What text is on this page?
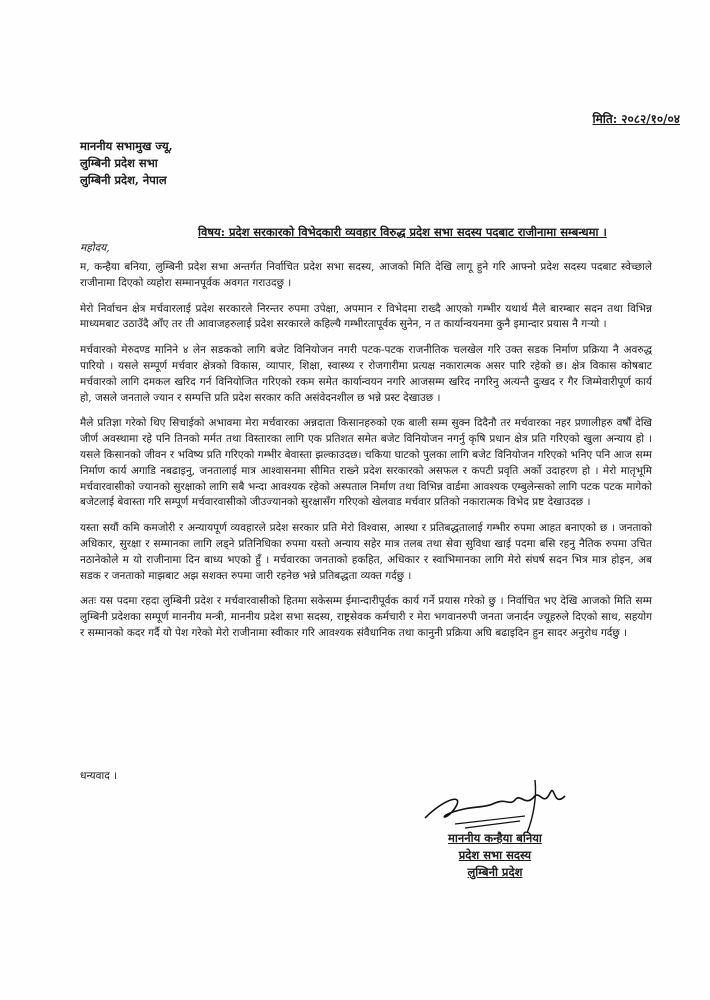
मिति: २०८२/१०/०४
माननीय सभामुख ज्यू,
लुम्बिनी प्रदेश सभा
लुम्बिनी प्रदेश, नेपाल
विषय: प्रदेश सरकारको विभेदकारी व्यवहार विरुद्ध प्रदेश सभा सदस्य पदबाट राजीनामा सम्बन्धमा ।
महोदय,

म, कन्हैया बनिया, लुम्बिनी प्रदेश सभा अन्तर्गत निर्वाचित प्रदेश सभा सदस्य, आजको मिति देखि लागू हुने गरि आफ्नो प्रदेश सदस्य पदबाट स्वेच्छाले राजीनामा दिएको व्यहोरा सम्मानपूर्वक अवगत गराउदछु ।

मेरो निर्वाचन क्षेत्र मर्चवारलाई प्रदेश सरकारले निरन्तर रुपमा उपेक्षा, अपमान र विभेदमा राख्दै आएको गम्भीर यथार्थ मैले बारम्बार सदन तथा विभिन्न माध्यमबाट उठाउँदै आँए तर ती आवाजहरुलाई प्रदेश सरकारले कहिल्यै गम्भीरतापूर्वक सुनेन, न त कार्यान्वयनमा कुनै इमान्दार प्रयास नै गर्‍यो ।

मर्चवारको मेरुदण्ड मानिने ४ लेन सडकको लागि बजेट विनियोजन नगरी पटक-पटक राजनीतिक चलखेल गरि उक्त सडक निर्माण प्रक्रिया नै अवरुद्ध पारियो । यसले सम्पूर्ण मर्चवार क्षेत्रको विकास, व्यापार, शिक्षा, स्वास्थ्य र रोजगारीमा प्रत्यक्ष नकारात्मक असर पारि रहेको छ। क्षेत्र विकास कोषबाट मर्चवारको लागि दमकल खरिद गर्न विनियोजित गरिएको रकम समेत कार्यान्वयन नगरि आजसम्म खरिद नगरिनु अत्यन्तै दुःखद र गैर जिम्मेवारीपूर्ण कार्य हो, जसले जनताले ज्यान र सम्पत्ति प्रति प्रदेश सरकार कति असंवेदनशील छ भन्ने प्रस्ट देखाउछ ।

मैले प्रतिज्ञा गरेको थिए सिचाईको अभावमा मेरा मर्चवारका अन्नदाता किसानहरुको एक बाली सम्म सुक्न दिदैनौ तर मर्चवारका नहर प्रणालीहरु वर्षौं देखि जीर्ण अवस्थामा रहे पनि तिनको मर्मत तथा विस्तारका लागि एक प्रतिशत समेत बजेट विनियोजन नगर्नु कृषि प्रधान क्षेत्र प्रति गरिएको खुला अन्याय हो । यसले किसानको जीवन र भविष्य प्रति गरिएको गम्भीर बेवास्ता झल्काउदछ। चकिया घाटको पुलका लागि बजेट विनियोजन गरिएको भनिए पनि आज सम्म निर्माण कार्य अगाडि नबढाइनु, जनतालाई मात्र आश्वासनमा सीमित राख्ने प्रदेश सरकारको असफल र कपटी प्रवृति अर्को उदाहरण हो । मेरो मातृभूमि मर्चवारवासीको ज्यानको सुरक्षाको लागि सबै भन्दा आवश्यक रहेको अस्पताल निर्माण तथा विभिन्न वार्डमा आवश्यक एम्बुलेन्सको लागि पटक पटक मागेको बजेटलाई बेवास्ता गरि सम्पूर्ण मर्चवारवासीको जीउज्यानको सुरक्षासँग गरिएको खेलवाड मर्चवार प्रतिको नकारात्मक विभेद प्रष्ट देखाउदछ ।

यस्ता सयौं कमि कमजोरी र अन्यायपूर्ण व्यवहारले प्रदेश सरकार प्रति मेरो विश्वास, आस्था र प्रतिबद्धतालाई गम्भीर रुपमा आहत बनाएको छ । जनताको अधिकार, सुरक्षा र सम्मानका लागि लड्ने प्रतिनिधिका रुपमा यस्तो अन्याय सहेर मात्र तलब तथा सेवा सुविधा खाई पदमा बसि रहनु नैतिक रुपमा उचित नठानेकोले म यो राजीनामा दिन बाध्य भएको हुँ । मर्चवारका जनताको हकहित, अधिकार र स्वाभिमानका लागि मेरो संघर्ष सदन भित्र मात्र होइन, अब सडक र जनताको माझबाट अझ सशक्त रुपमा जारी रहनेछ भन्ने प्रतिबद्धता व्यक्त गर्दछु ।

अतः यस पदमा रहदा लुम्बिनी प्रदेश र मर्चवारवासीको हितमा सकेसम्म ईमान्दारीपूर्वक कार्य गर्ने प्रयास गरेको छु । निर्वाचित भए देखि आजको मिति सम्म लुम्बिनी प्रदेशका सम्पूर्ण माननीय मन्त्री, माननीय प्रदेश सभा सदस्य, राष्ट्रसेवक कर्मचारी र मेरा भगवानरुपी जनता जनार्दन ज्यूहरुले दिएको साथ, सहयोग र सम्मानको कदर गर्दै यो पेश गरेको मेरो राजीनामा स्वीकार गरि आवश्यक संवैधानिक तथा कानुनी प्रक्रिया अघि बढाइदिन हुन सादर अनुरोध गर्दछु ।

धन्यवाद ।
माननीय कन्हैया बनिया
प्रदेश सभा सदस्य
लुम्बिनी प्रदेश
